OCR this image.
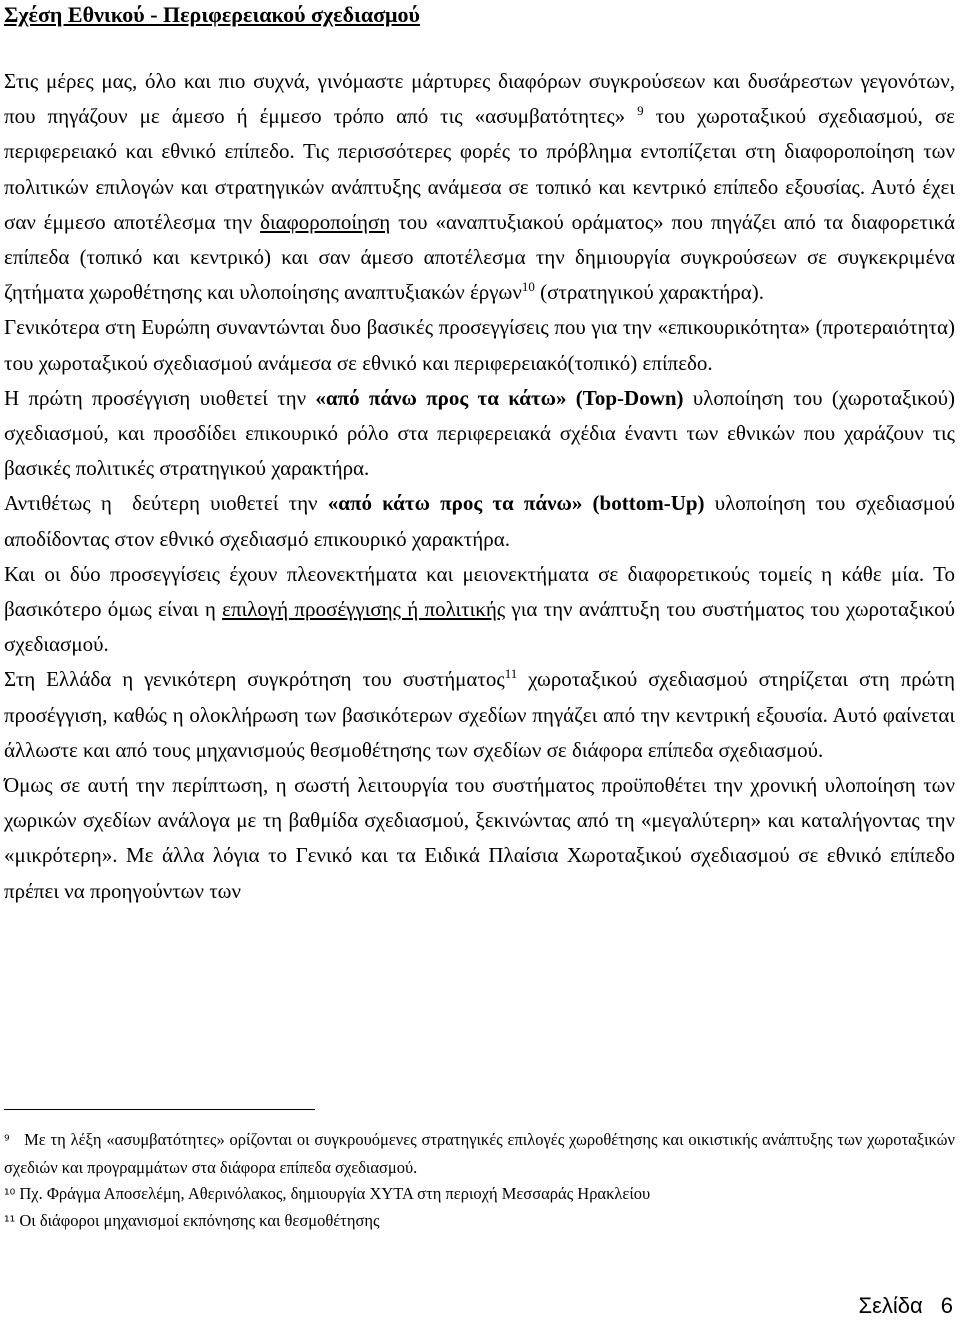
Σχέση Εθνικού - Περιφερειακού σχεδιασμού

Στις μέρες μας, όλο και πιο συχνά, γινόμαστε μάρτυρες διαφόρων συγκρούσεων και δυσάρεστων γεγονότων, που πηγάζουν με άμεσο ή έμμεσο τρόπο από τις «ασυμβατότητες» $^9$ του χωροταξικού σχεδιασμού, σε περιφερειακό και εθνικό επίπεδο. Τις περισσότερες φορές το πρόβλημα εντοπίζεται στη διαφοροποίηση των πολιτικών επιλογών και στρατηγικών ανάπτυξης ανάμεσα σε τοπικό και κεντρικό επίπεδο εξουσίας. Αυτό έχει σαν έμμεσο αποτέλεσμα την διαφοροποίηση του «αναπτυξιακού οράματος» που πηγάζει από τα διαφορετικά επίπεδα (τοπικό και κεντρικό) και σαν άμεσο αποτέλεσμα την δημιουργία συγκρούσεων σε συγκεκριμένα ζητήματα χωροθέτησης και υλοποίησης αναπτυξιακών έργων$^{10}$ (στρατηγικού χαρακτήρα).

Γενικότερα στη Ευρώπη συναντώνται δυο βασικές προσεγγίσεις που για την «επικουρικότητα» (προτεραιότητα) του χωροταξικού σχεδιασμού ανάμεσα σε εθνικό και περιφερειακό(τοπικό) επίπεδο.

Η πρώτη προσέγγιση υιοθετεί την «από πάνω προς τα κάτω» (Top-Down) υλοποίηση του (χωροταξικού) σχεδιασμού, και προσδίδει επικουρικό ρόλο στα περιφερειακά σχέδια έναντι των εθνικών που χαράζουν τις βασικές πολιτικές στρατηγικού χαρακτήρα.

Αντιθέτως η  δεύτερη υιοθετεί την «από κάτω προς τα πάνω» (bottom-Up) υλοποίηση του σχεδιασμού αποδίδοντας στον εθνικό σχεδιασμό επικουρικό χαρακτήρα.

Και οι δύο προσεγγίσεις έχουν πλεονεκτήματα και μειονεκτήματα σε διαφορετικούς τομείς η κάθε μία. Το βασικότερο όμως είναι η επιλογή προσέγγισης ή πολιτικής για την ανάπτυξη του συστήματος του χωροταξικού σχεδιασμού.

Στη Ελλάδα η γενικότερη συγκρότηση του συστήματος$^{11}$ χωροταξικού σχεδιασμού στηρίζεται στη πρώτη προσέγγιση, καθώς η ολοκλήρωση των βασικότερων σχεδίων πηγάζει από την κεντρική εξουσία. Αυτό φαίνεται άλλωστε και από τους μηχανισμούς θεσμοθέτησης των σχεδίων σε διάφορα επίπεδα σχεδιασμού.

Όμως σε αυτή την περίπτωση, η σωστή λειτουργία του συστήματος προϋποθέτει την χρονική υλοποίηση των χωρικών σχεδίων ανάλογα με τη βαθμίδα σχεδιασμού, ξεκινώντας από τη «μεγαλύτερη» και καταλήγοντας την «μικρότερη». Με άλλα λόγια το Γενικό και τα Ειδικά Πλαίσια Χωροταξικού σχεδιασμού σε εθνικό επίπεδο πρέπει να προηγούντων των

⁹ Με τη λέξη «ασυμβατότητες» ορίζονται οι συγκρουόμενες στρατηγικές επιλογές χωροθέτησης και οικιστικής ανάπτυξης των χωροταξικών σχεδιών και προγραμμάτων στα διάφορα επίπεδα σχεδιασμού.

¹⁰ Πχ. Φράγμα Αποσελέμη, Αθερινόλακος, δημιουργία ΧΥΤΑ στη περιοχή Μεσσαράς Ηρακλείου

¹¹ Οι διάφοροι μηχανισμοί εκπόνησης και θεσμοθέτησης

Σελίδα 6
